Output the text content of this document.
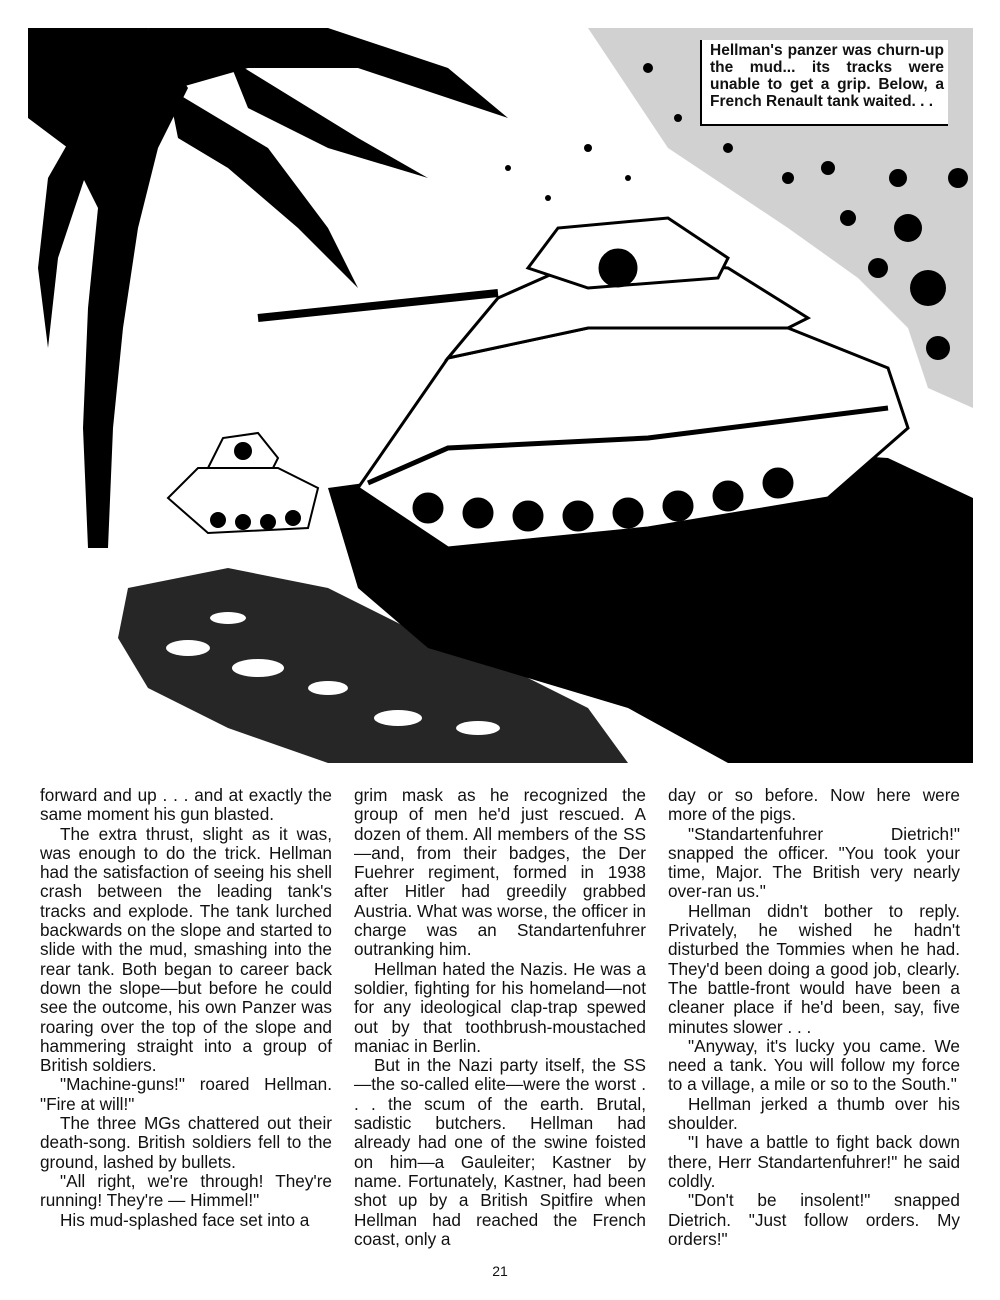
Hellman's panzer was churn-up the mud... its tracks were unable to get a grip. Below, a French Renault tank waited. . .

forward and up . . . and at exactly the same moment his gun blasted.

The extra thrust, slight as it was, was enough to do the trick. Hellman had the satisfaction of seeing his shell crash between the leading tank's tracks and explode. The tank lurched backwards on the slope and started to slide with the mud, smashing into the rear tank. Both began to career back down the slope—but before he could see the outcome, his own Panzer was roaring over the top of the slope and hammering straight into a group of British soldiers.

"Machine-guns!" roared Hellman. "Fire at will!"

The three MGs chattered out their death-song. British soldiers fell to the ground, lashed by bullets.

"All right, we're through! They're running! They're — Himmel!"

His mud-splashed face set into a

grim mask as he recognized the group of men he'd just rescued. A dozen of them. All members of the SS—and, from their badges, the Der Fuehrer regiment, formed in 1938 after Hitler had greedily grabbed Austria. What was worse, the officer in charge was an Standartenfuhrer outranking him.

Hellman hated the Nazis. He was a soldier, fighting for his homeland—not for any ideological clap-trap spewed out by that toothbrush-moustached maniac in Berlin.

But in the Nazi party itself, the SS—the so-called elite—were the worst . . . the scum of the earth. Brutal, sadistic butchers. Hellman had already had one of the swine foisted on him—a Gauleiter; Kastner by name. Fortunately, Kastner, had been shot up by a British Spitfire when Hellman had reached the French coast, only a

day or so before. Now here were more of the pigs.

"Standartenfuhrer Dietrich!" snapped the officer. "You took your time, Major. The British very nearly over-ran us."

Hellman didn't bother to reply. Privately, he wished he hadn't disturbed the Tommies when he had. They'd been doing a good job, clearly. The battle-front would have been a cleaner place if he'd been, say, five minutes slower . . .

"Anyway, it's lucky you came. We need a tank. You will follow my force to a village, a mile or so to the South."

Hellman jerked a thumb over his shoulder.

"I have a battle to fight back down there, Herr Standartenfuhrer!" he said coldly.

"Don't be insolent!" snapped Dietrich. "Just follow orders. My orders!"

21
